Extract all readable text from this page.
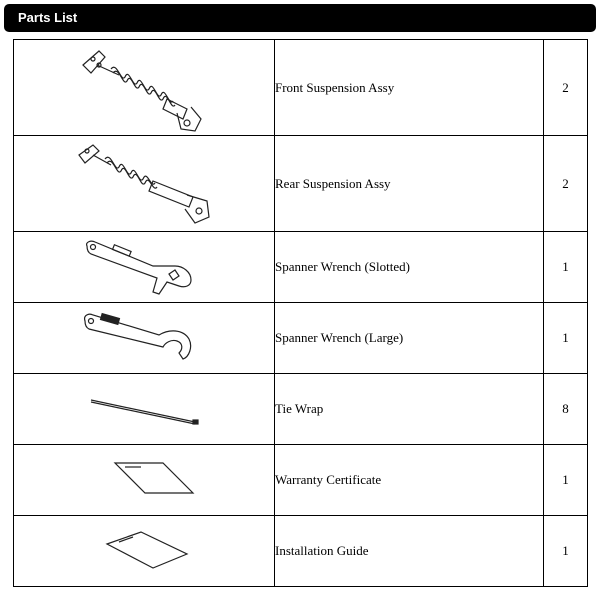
Parts List
	Front Suspension Assy	2

	Rear Suspension Assy	2

	Spanner Wrench (Slotted)	1

	Spanner Wrench (Large)	1

	Tie Wrap	8

	Warranty Certificate	1

	Installation Guide	1
